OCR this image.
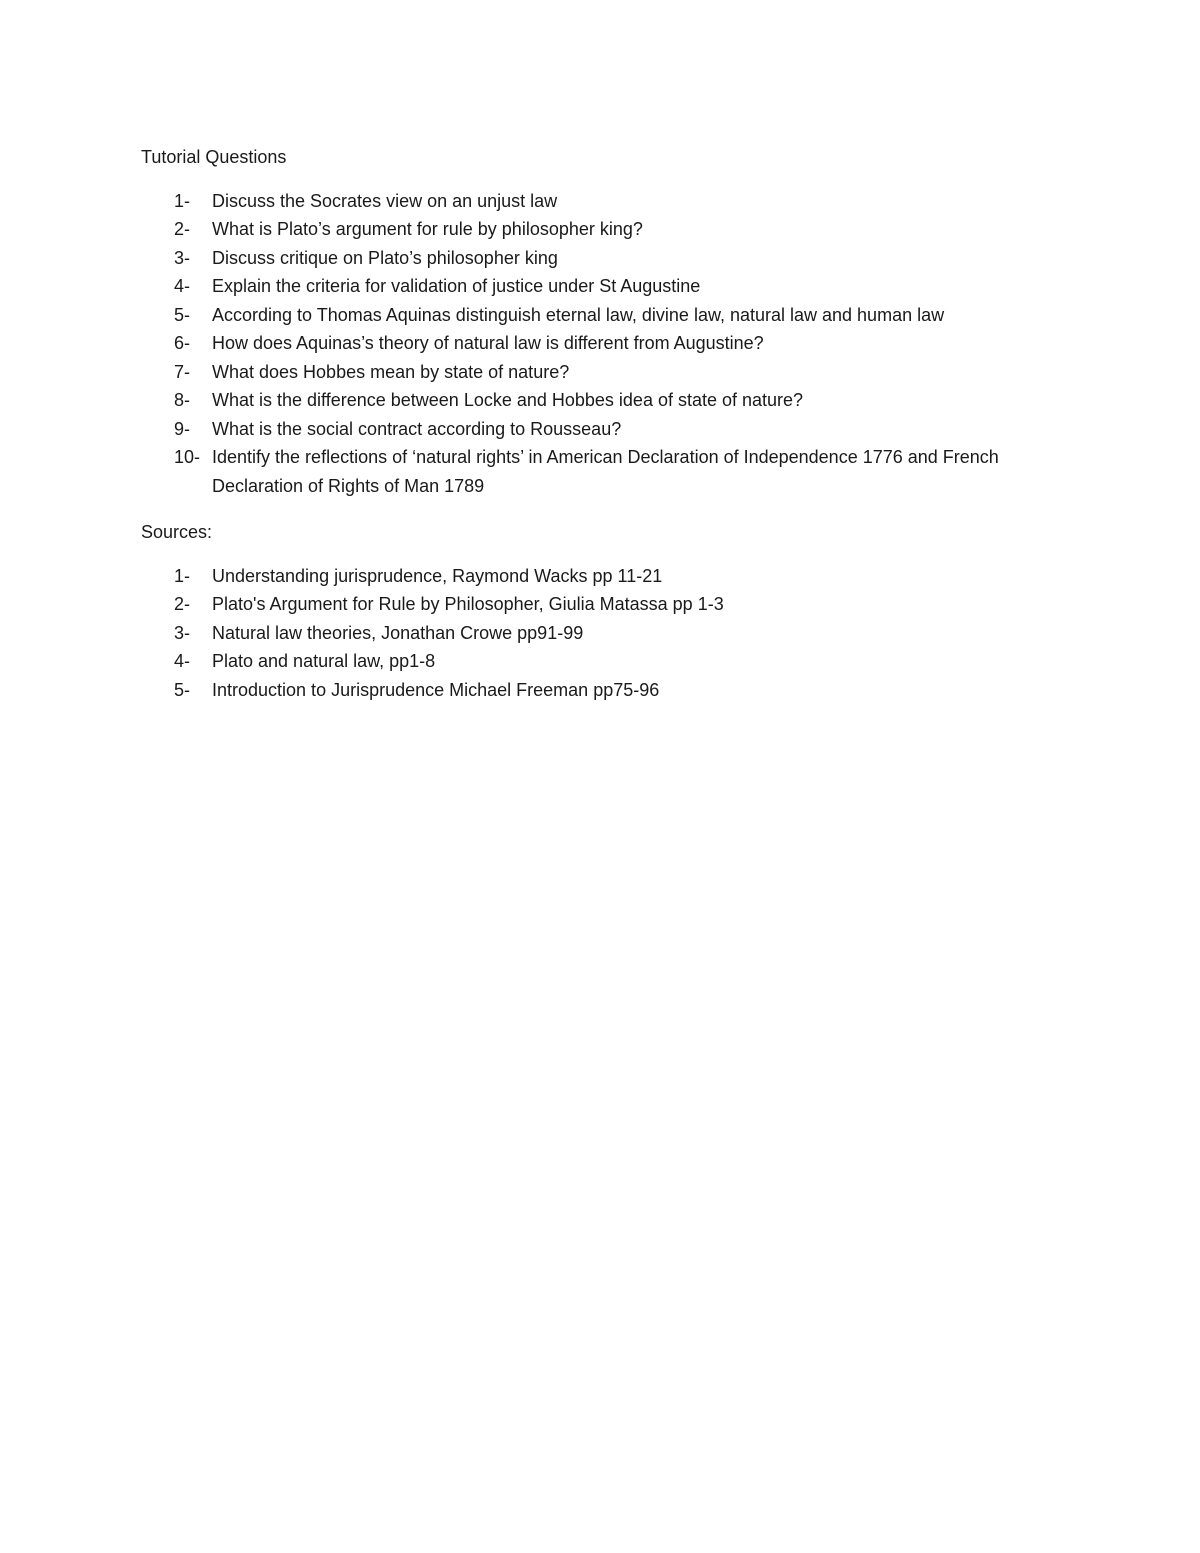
Tutorial Questions

1-	Discuss the Socrates view on an unjust law
2-	What is Plato’s argument for rule by philosopher king?
3-	Discuss critique on Plato’s philosopher king
4-	Explain the criteria for validation of justice under St Augustine
5-	According to Thomas Aquinas distinguish eternal law, divine law, natural law and human law
6-	How does Aquinas’s theory of natural law is different from Augustine?
7-	What does Hobbes mean by state of nature?
8-	What is the difference between Locke and Hobbes idea of state of nature?
9-	What is the social contract according to Rousseau?
10- Identify the reflections of ‘natural rights’ in American Declaration of Independence 1776 and French Declaration of Rights of Man 1789

Sources:

1-	Understanding jurisprudence, Raymond Wacks pp 11-21
2-	Plato's Argument for Rule by Philosopher, Giulia Matassa pp 1-3
3-	Natural law theories, Jonathan Crowe pp91-99
4-	Plato and natural law, pp1-8
5-	Introduction to Jurisprudence Michael Freeman pp75-96
